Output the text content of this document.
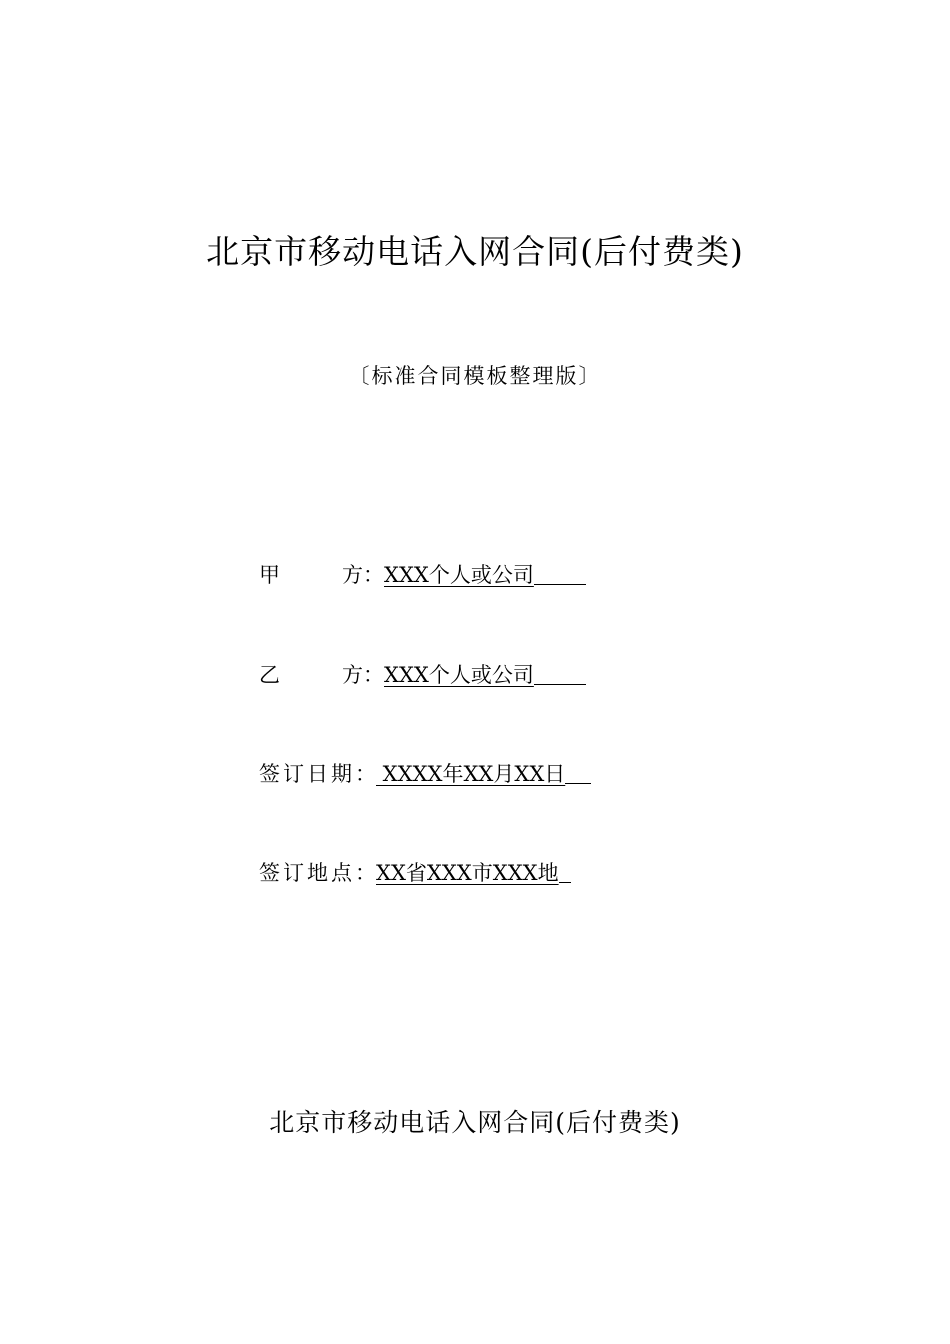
北京市移动电话入网合同(后付费类)
〔标准合同模板整理版〕
甲	方 ：XXX个人或公司
乙	方 ：XXX个人或公司
签订日期： XXXX年XX月XX日
签订地点：XX省XXX市XXX地
北京市移动电话入网合同(后付费类)
